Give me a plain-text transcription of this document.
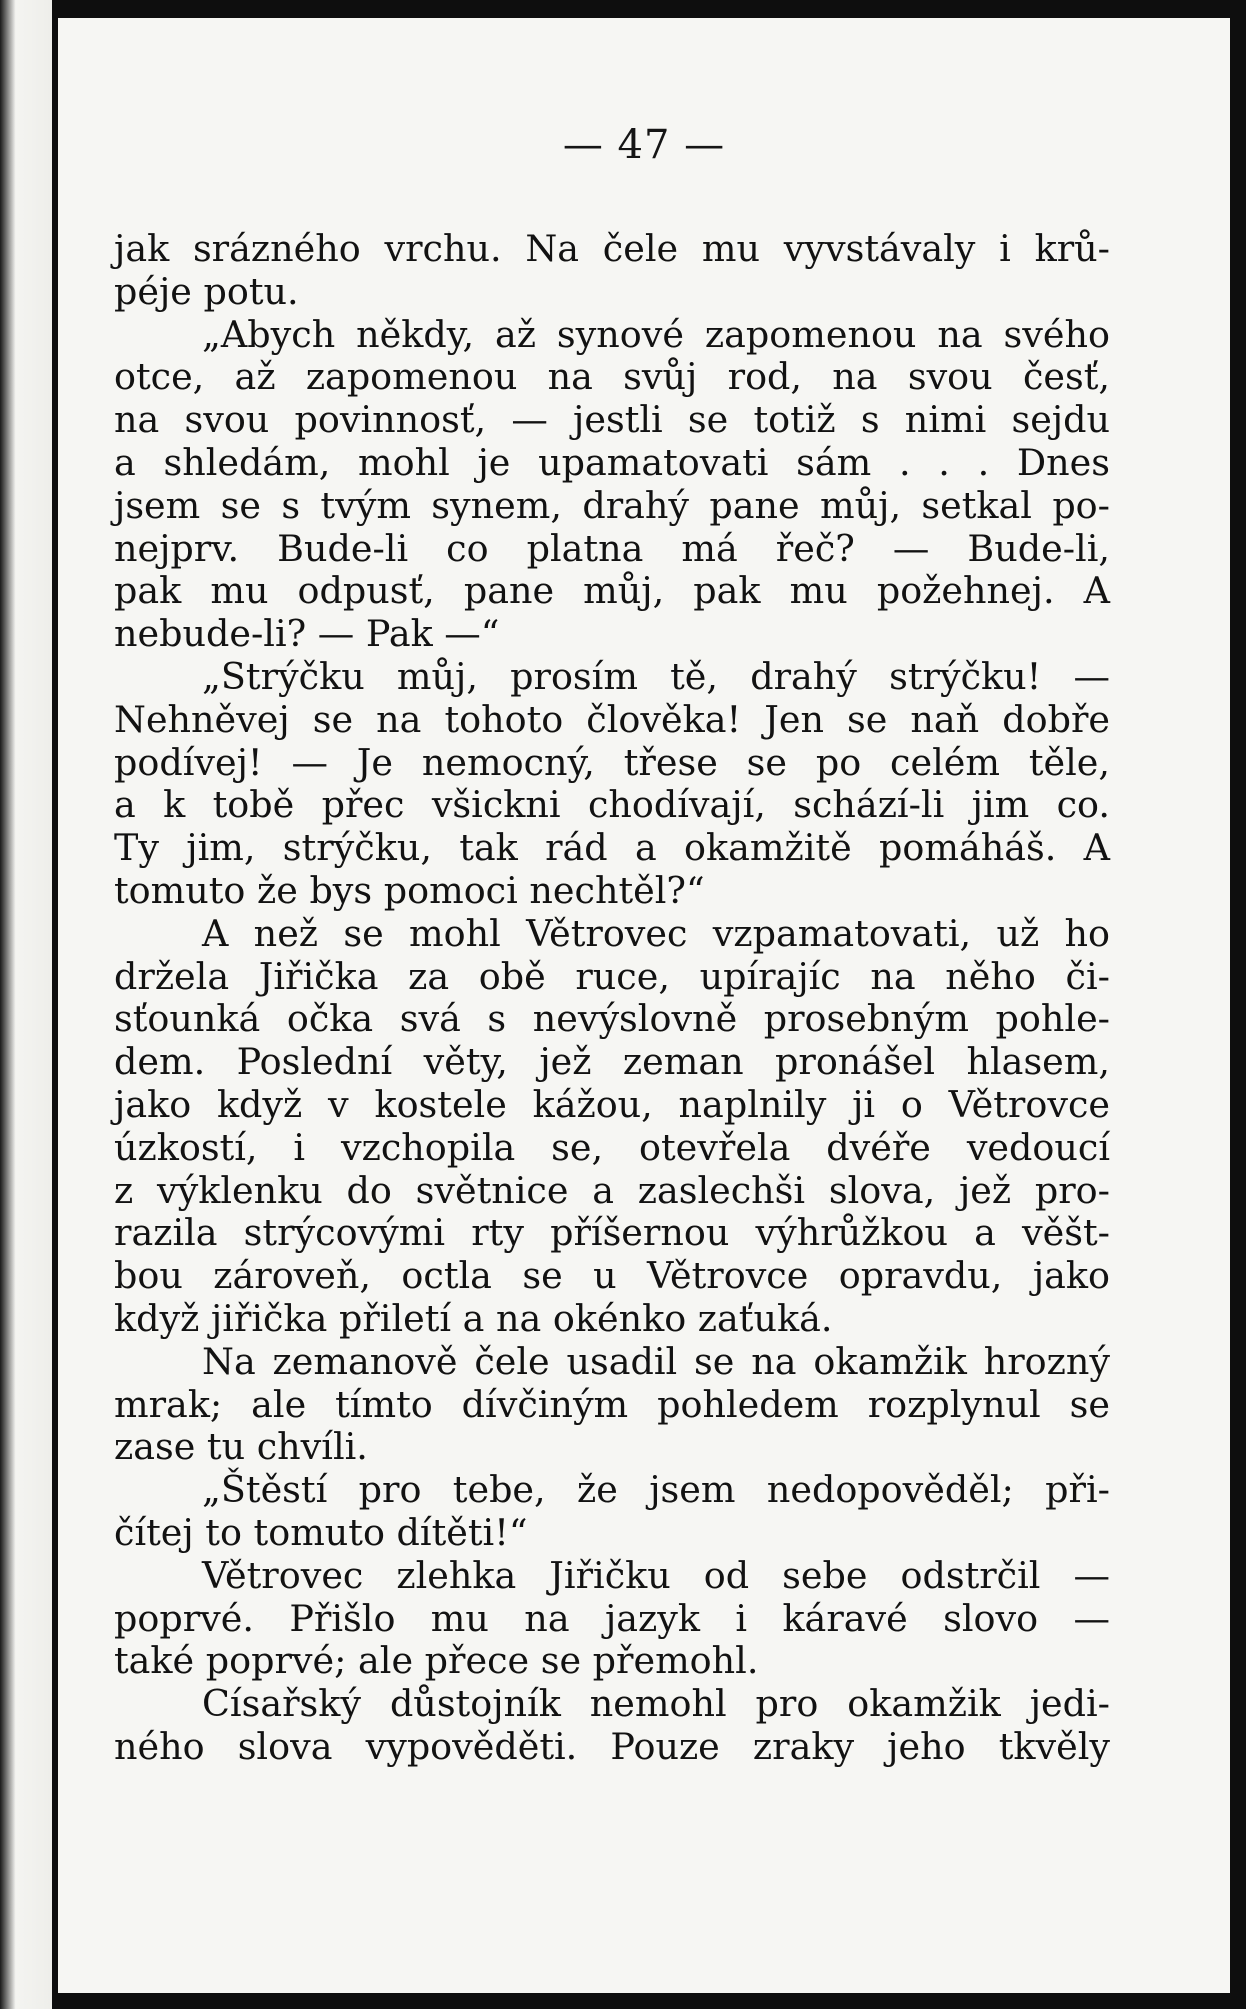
— 47 —
jak srázného vrchu. Na čele mu vyvstávaly i krů-
péje potu.
„Abych někdy, až synové zapomenou na svého
otce, až zapomenou na svůj rod, na svou česť,
na svou povinnosť, — jestli se totiž s nimi sejdu
a shledám, mohl je upamatovati sám . . . Dnes
jsem se s tvým synem, drahý pane můj, setkal po-
nejprv. Bude-li co platna má řeč? — Bude-li,
pak mu odpusť, pane můj, pak mu požehnej. A
nebude-li? — Pak —“
„Strýčku můj, prosím tě, drahý strýčku! —
Nehněvej se na tohoto člověka! Jen se naň dobře
podívej! — Je nemocný, třese se po celém těle,
a k tobě přec všickni chodívají, schází-li jim co.
Ty jim, strýčku, tak rád a okamžitě pomáháš. A
tomuto že bys pomoci nechtěl?“
A než se mohl Větrovec vzpamatovati, už ho
držela Jiřička za obě ruce, upírajíc na něho či-
sťounká očka svá s nevýslovně prosebným pohle-
dem. Poslední věty, jež zeman pronášel hlasem,
jako když v kostele kážou, naplnily ji o Větrovce
úzkostí, i vzchopila se, otevřela dvéře vedoucí
z výklenku do světnice a zaslechši slova, jež pro-
razila strýcovými rty příšernou výhrůžkou a věšt-
bou zároveň, octla se u Větrovce opravdu, jako
když jiřička přiletí a na okénko zaťuká.
Na zemanově čele usadil se na okamžik hrozný
mrak; ale tímto dívčiným pohledem rozplynul se
zase tu chvíli.
„Štěstí pro tebe, že jsem nedopověděl; při-
čítej to tomuto dítěti!“
Větrovec zlehka Jiřičku od sebe odstrčil —
poprvé. Přišlo mu na jazyk i káravé slovo —
také poprvé; ale přece se přemohl.
Císařský důstojník nemohl pro okamžik jedi-
ného slova vypověděti. Pouze zraky jeho tkvěly
